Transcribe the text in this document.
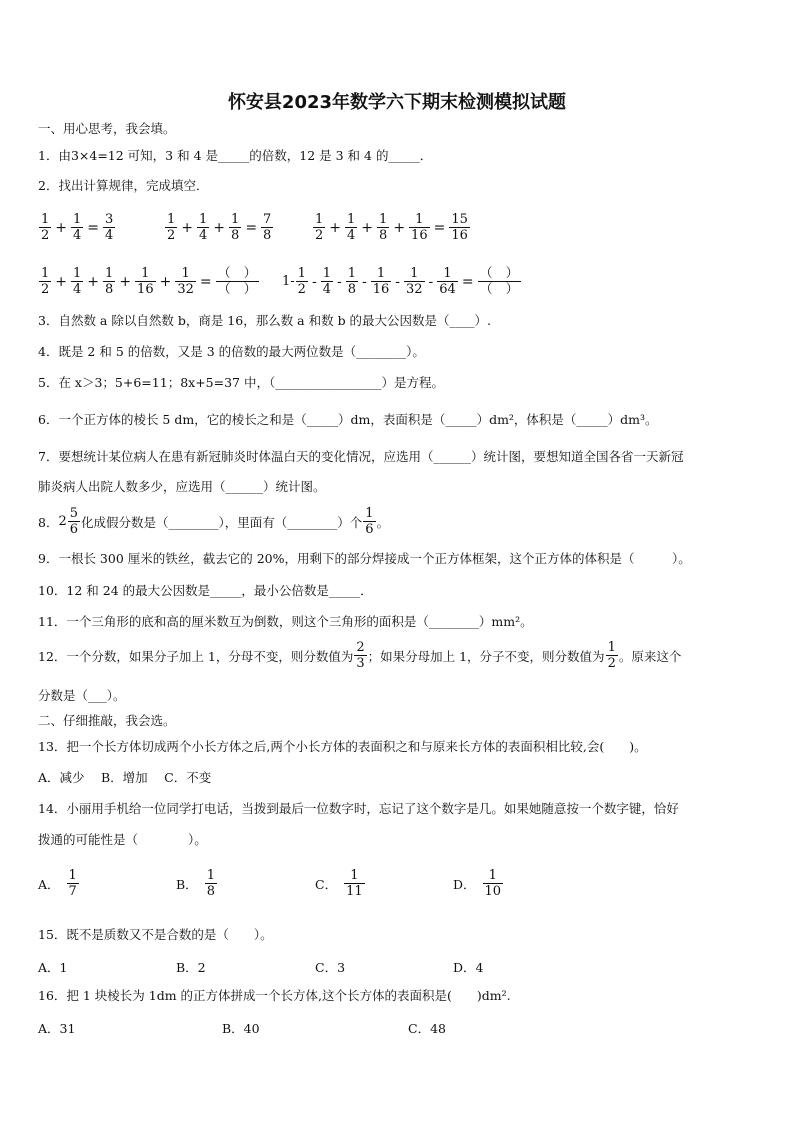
怀安县2023年数学六下期末检测模拟试题
一、用心思考，我会填。
1．由3×4=12 可知，3 和 4 是_____的倍数，12 是 3 和 4 的_____．
2．找出计算规律，完成填空．
$\frac{1}{2} + \frac{1}{4} = \frac{3}{4}$	$\frac{1}{2} + \frac{1}{4} + \frac{1}{8} = \frac{7}{8}$	$\frac{1}{2} + \frac{1}{4} + \frac{1}{8} + \frac{1}{16} = \frac{15}{16}$
$\frac{1}{2} + \frac{1}{4} + \frac{1}{8} + \frac{1}{16} + \frac{1}{32} = \frac{( )}{( )} 1- \frac{1}{2} - \frac{1}{4} - \frac{1}{8} - \frac{1}{16} - \frac{1}{32} - \frac{1}{64} = \frac{( )}{( )}$
3．自然数 a 除以自然数 b，商是 16，那么数 a 和数 b 的最大公因数是（____）.
4．既是 2 和 5 的倍数，又是 3 的倍数的最大两位数是（________）。
5．在 x＞3；5+6=11；8x+5=37 中，（_________________）是方程。
6．一个正方体的棱长 5 dm，它的棱长之和是（_____）dm，表面积是（_____）dm²，体积是（_____）dm³。
7．要想统计某位病人在患有新冠肺炎时体温白天的变化情况，应选用（______）统计图，要想知道全国各省一天新冠
肺炎病人出院人数多少，应选用（______）统计图。
8． $2 \frac{5}{6}$ 化成假分数是（________），里面有（________）个 $\frac{1}{6}$ 。
9．一根长 300 厘米的铁丝，截去它的 20%，用剩下的部分焊接成一个正方体框架，这个正方体的体积是（　　　）。
10．12 和 24 的最大公因数是_____，最小公倍数是_____．
11．一个三角形的底和高的厘米数互为倒数，则这个三角形的面积是（________）mm²。
12．一个分数，如果分子加上 1，分母不变，则分数值为 $\frac{2}{3}$ ；如果分母加上 1，分子不变，则分数值为 $\frac{1}{2}$ 。原来这个
分数是（___）。
二、仔细推敲，我会选。
13．把一个长方体切成两个小长方体之后,两个小长方体的表面积之和与原来长方体的表面积相比较,会(　　)。
A．减少　 B．增加　 C．不变
14．小丽用手机给一位同学打电话，当拨到最后一位数字时，忘记了这个数字是几。如果她随意按一个数字键，恰好
拨通的可能性是（　　　　）。
A． $\frac{1}{7}$	B． $\frac{1}{8}$	C． $\frac{1}{11}$	D． $\frac{1}{10}$
15．既不是质数又不是合数的是（　　）。
A．1	B．2	C．3	D．4
16．把 1 块棱长为 1dm 的正方体拼成一个长方体,这个长方体的表面积是(　　)dm².
A．31	B．40	C．48
